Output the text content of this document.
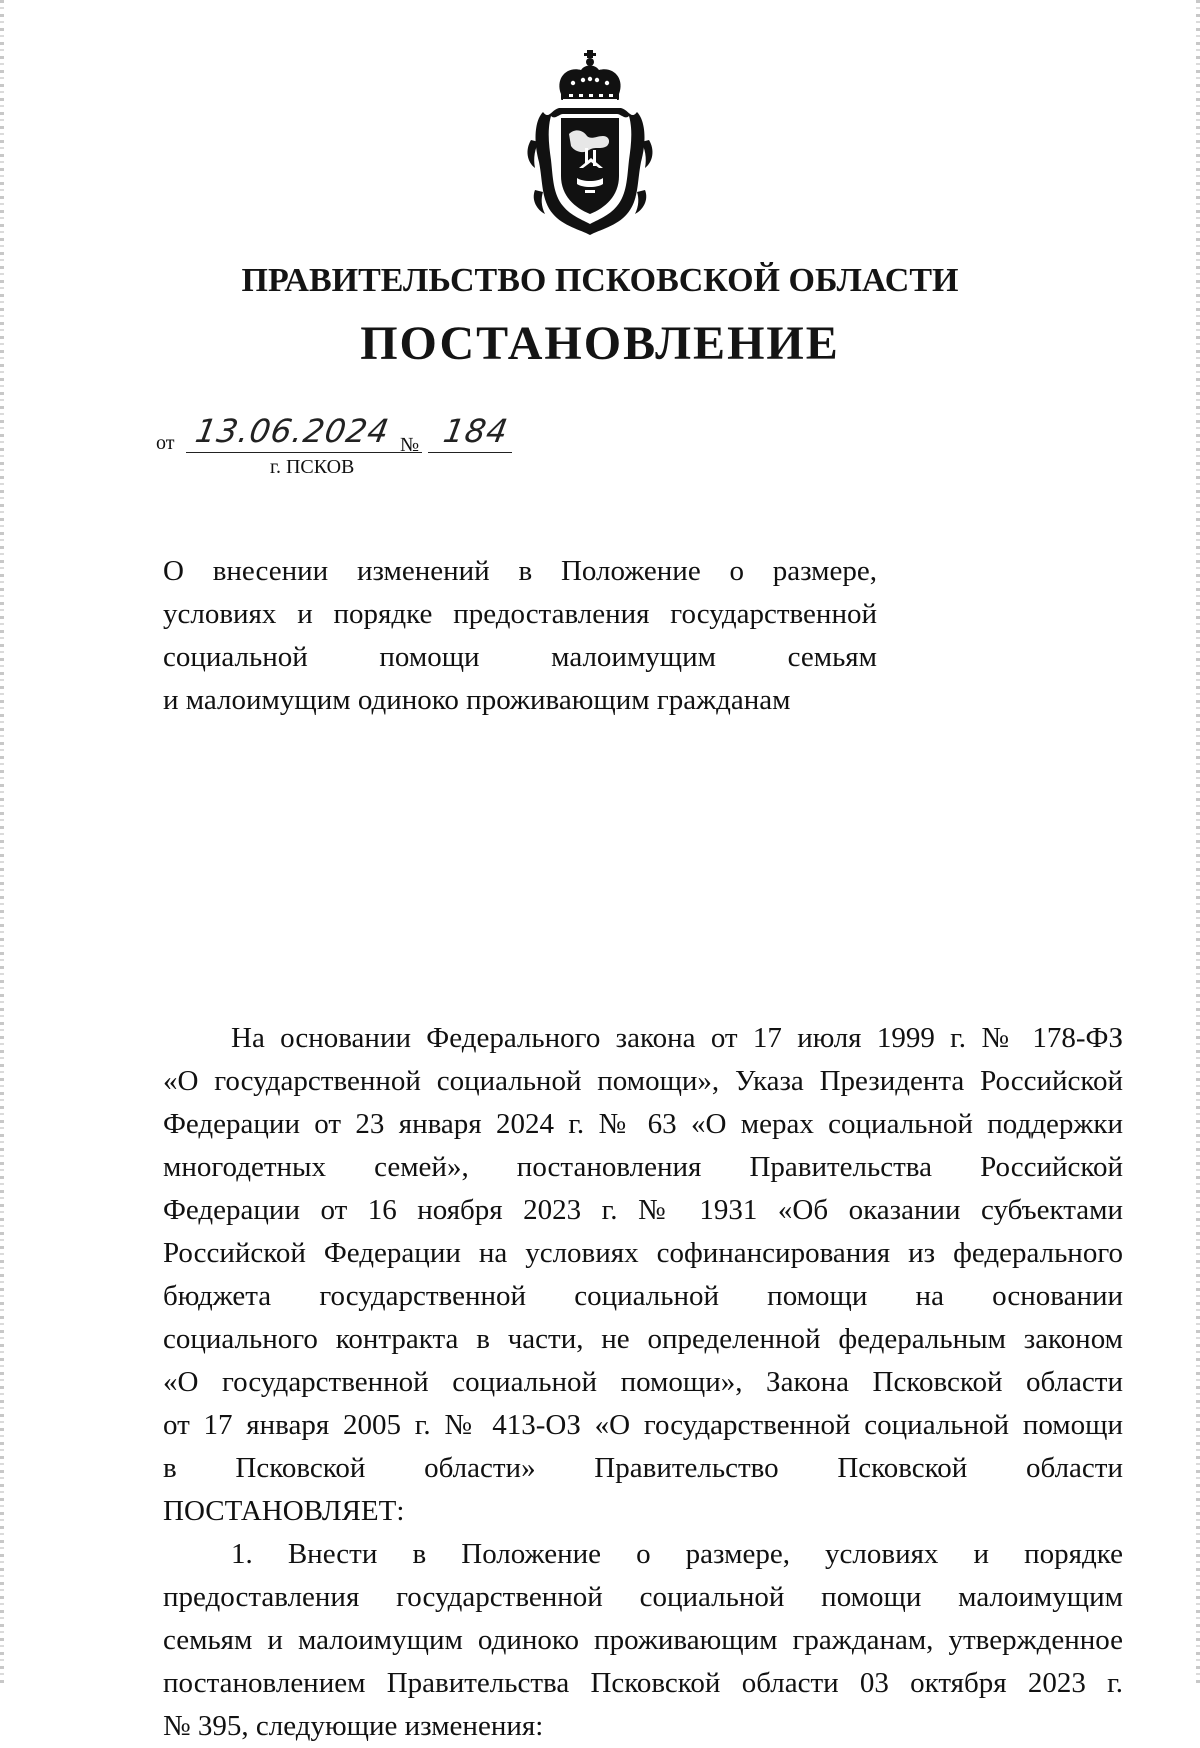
ПРАВИТЕЛЬСТВО ПСКОВСКОЙ ОБЛАСТИ
ПОСТАНОВЛЕНИЕ
от 13.06.2024 № 184
г. ПСКОВ
О внесении изменений в Положение о размере,
условиях и порядке предоставления государственной
социальной помощи малоимущим семьям
и малоимущим одиноко проживающим гражданам
На основании Федерального закона от 17 июля 1999 г. № 178-ФЗ
«О государственной социальной помощи», Указа Президента Российской
Федерации от 23 января 2024 г. № 63 «О мерах социальной поддержки
многодетных семей», постановления Правительства Российской
Федерации от 16 ноября 2023 г. № 1931 «Об оказании субъектами
Российской Федерации на условиях софинансирования из федерального
бюджета государственной социальной помощи на основании
социального контракта в части, не определенной федеральным законом
«О государственной социальной помощи», Закона Псковской области
от 17 января 2005 г. № 413-ОЗ «О государственной социальной помощи
в Псковской области» Правительство Псковской области
ПОСТАНОВЛЯЕТ:
1. Внести в Положение о размере, условиях и порядке
предоставления государственной социальной помощи малоимущим
семьям и малоимущим одиноко проживающим гражданам, утвержденное
постановлением Правительства Псковской области 03 октября 2023 г.
№ 395, следующие изменения:
